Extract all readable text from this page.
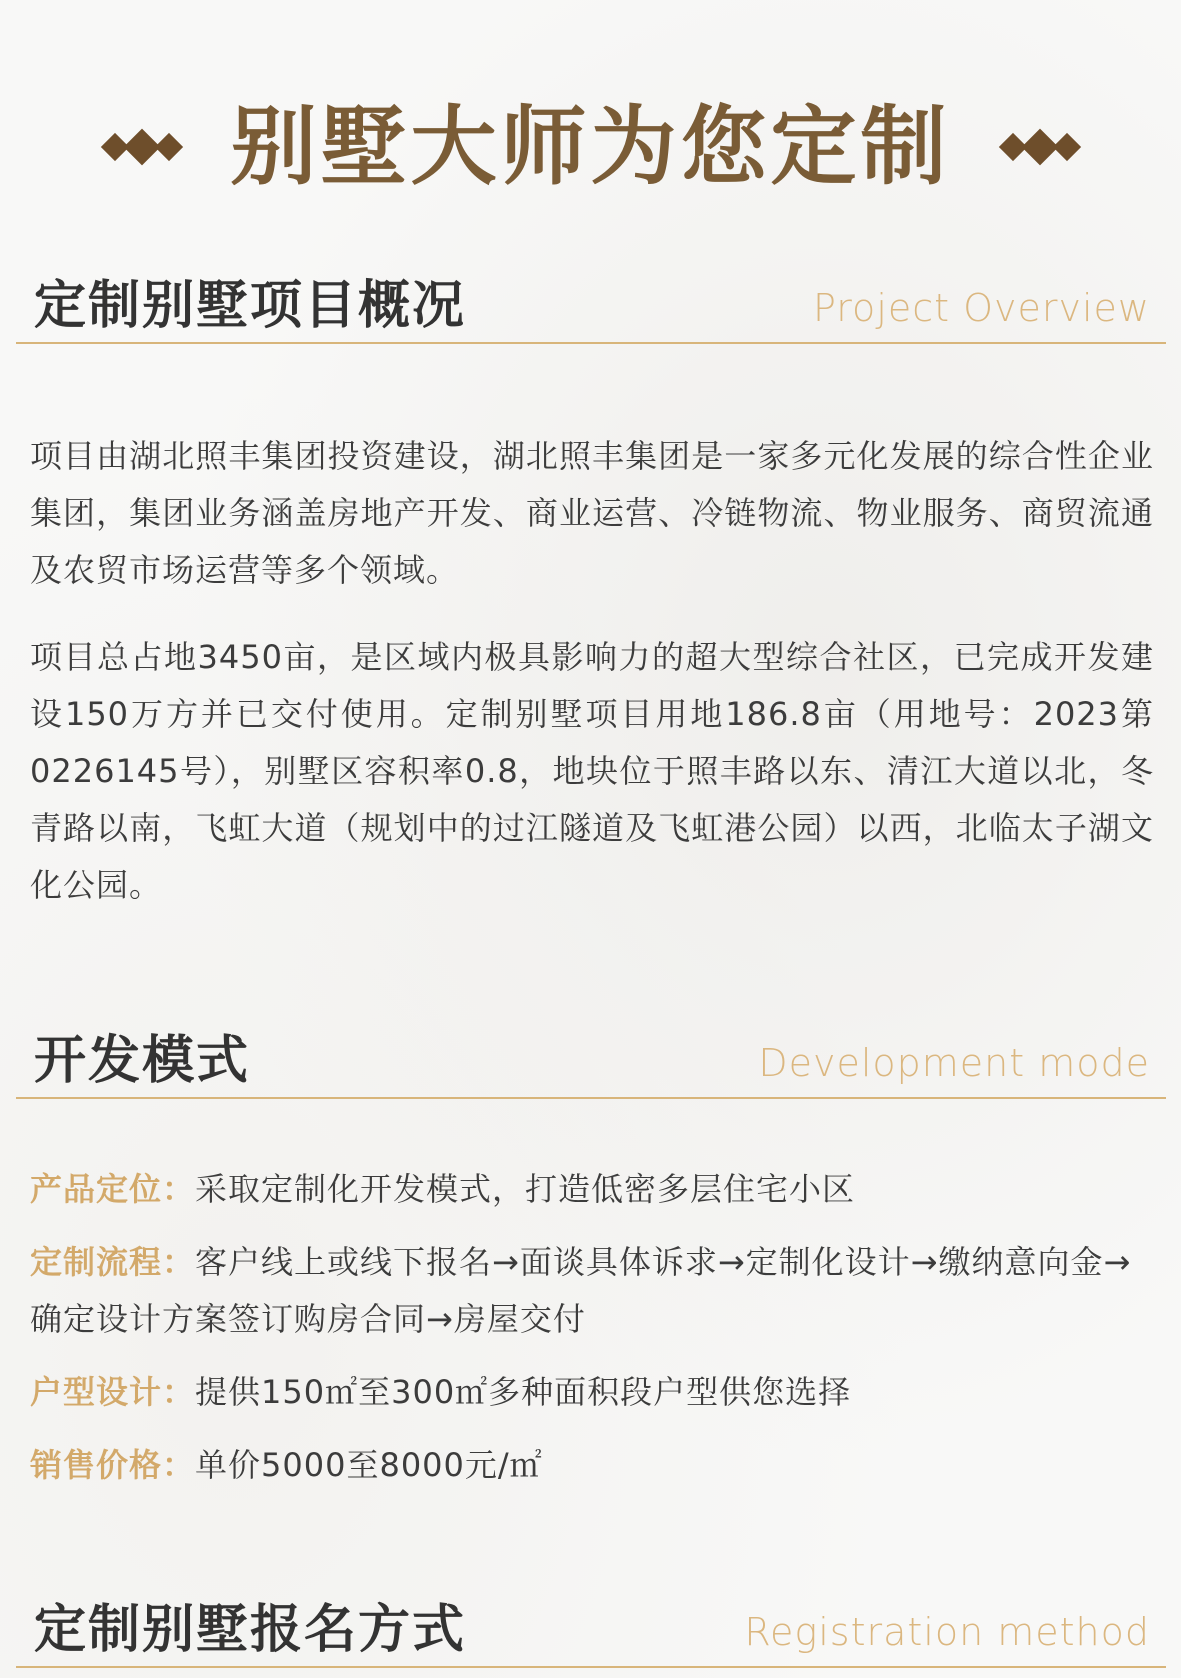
别墅大师为您定制
定制别墅项目概况	Project Overview

项目由湖北照丰集团投资建设，湖北照丰集团是一家多元化发展的综合性企业集团，集团业务涵盖房地产开发、商业运营、冷链物流、物业服务、商贸流通及农贸市场运营等多个领域。

项目总占地3450亩，是区域内极具影响力的超大型综合社区，已完成开发建设150万方并已交付使用。定制别墅项目用地186.8亩（用地号：2023第0226145号），别墅区容积率0.8，地块位于照丰路以东、清江大道以北，冬青路以南，飞虹大道（规划中的过江隧道及飞虹港公园）以西，北临太子湖文化公园。

开发模式	Development mode

产品定位：采取定制化开发模式，打造低密多层住宅小区

定制流程：客户线上或线下报名→面谈具体诉求→定制化设计→缴纳意向金→确定设计方案签订购房合同→房屋交付

户型设计：提供150㎡至300㎡多种面积段户型供您选择

销售价格：单价5000至8000元/㎡

定制别墅报名方式	Registration method
